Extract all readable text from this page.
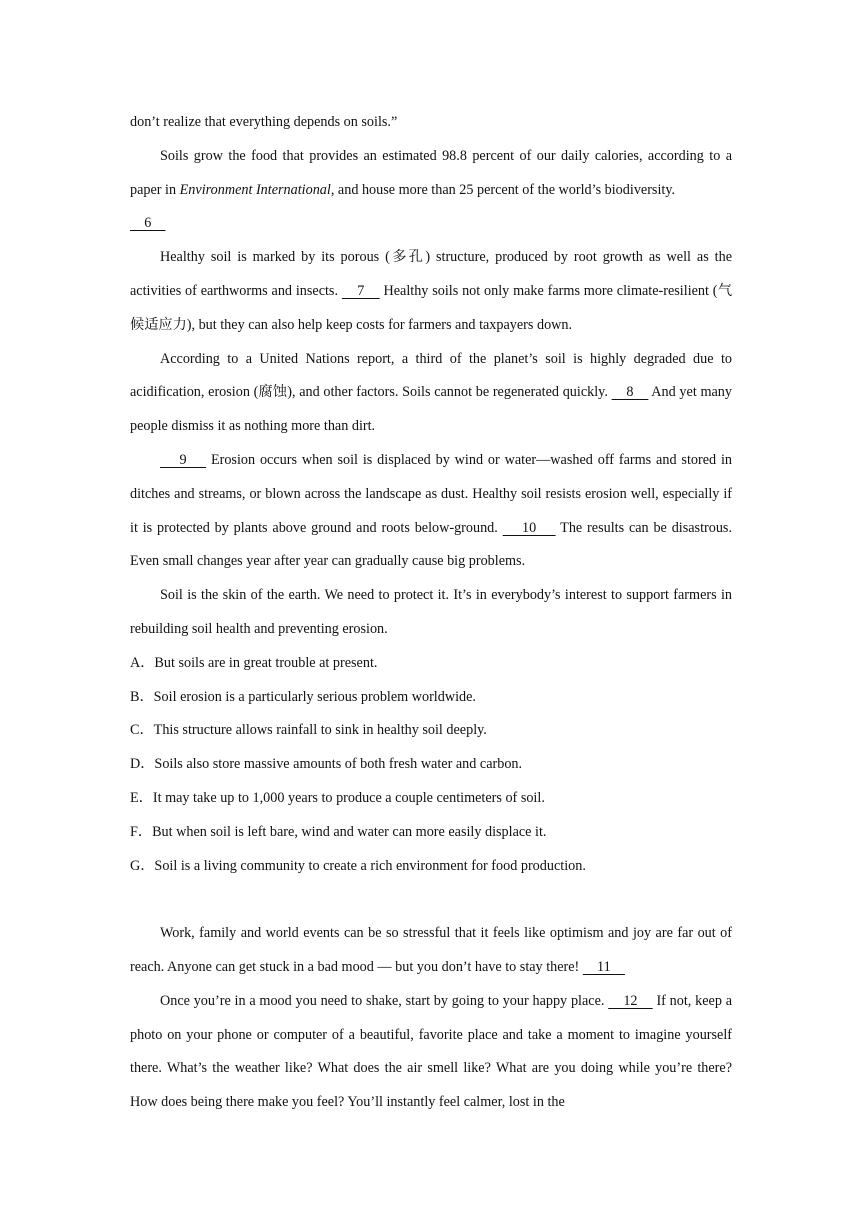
don’t realize that everything depends on soils.”

Soils grow the food that provides an estimated 98.8 percent of our daily calories, according to a paper in Environment International, and house more than 25 percent of the world’s biodiversity.
6

Healthy soil is marked by its porous (多孔) structure, produced by root growth as well as the activities of earthworms and insects.     7     Healthy soils not only make farms more climate-resilient (气候适应力), but they can also help keep costs for farmers and taxpayers down.

According to a United Nations report, a third of the planet’s soil is highly degraded due to acidification, erosion (腐蚀), and other factors. Soils cannot be regenerated quickly.     8     And yet many people dismiss it as nothing more than dirt.

9     Erosion occurs when soil is displaced by wind or water—washed off farms and stored in ditches and streams, or blown across the landscape as dust. Healthy soil resists erosion well, especially if it is protected by plants above ground and roots below-ground.     10     The results can be disastrous. Even small changes year after year can gradually cause big problems.

Soil is the skin of the earth. We need to protect it. It’s in everybody’s interest to support farmers in rebuilding soil health and preventing erosion.

A．But soils are in great trouble at present.

B．Soil erosion is a particularly serious problem worldwide.

C．This structure allows rainfall to sink in healthy soil deeply.

D．Soils also store massive amounts of both fresh water and carbon.

E．It may take up to 1,000 years to produce a couple centimeters of soil.

F．But when soil is left bare, wind and water can more easily displace it.

G．Soil is a living community to create a rich environment for food production.

Work, family and world events can be so stressful that it feels like optimism and joy are far out of reach. Anyone can get stuck in a bad mood — but you don’t have to stay there!     11

Once you’re in a mood you need to shake, start by going to your happy place.     12     If not, keep a photo on your phone or computer of a beautiful, favorite place and take a moment to imagine yourself there. What’s the weather like? What does the air smell like? What are you doing while you’re there? How does being there make you feel? You’ll instantly feel calmer, lost in the
